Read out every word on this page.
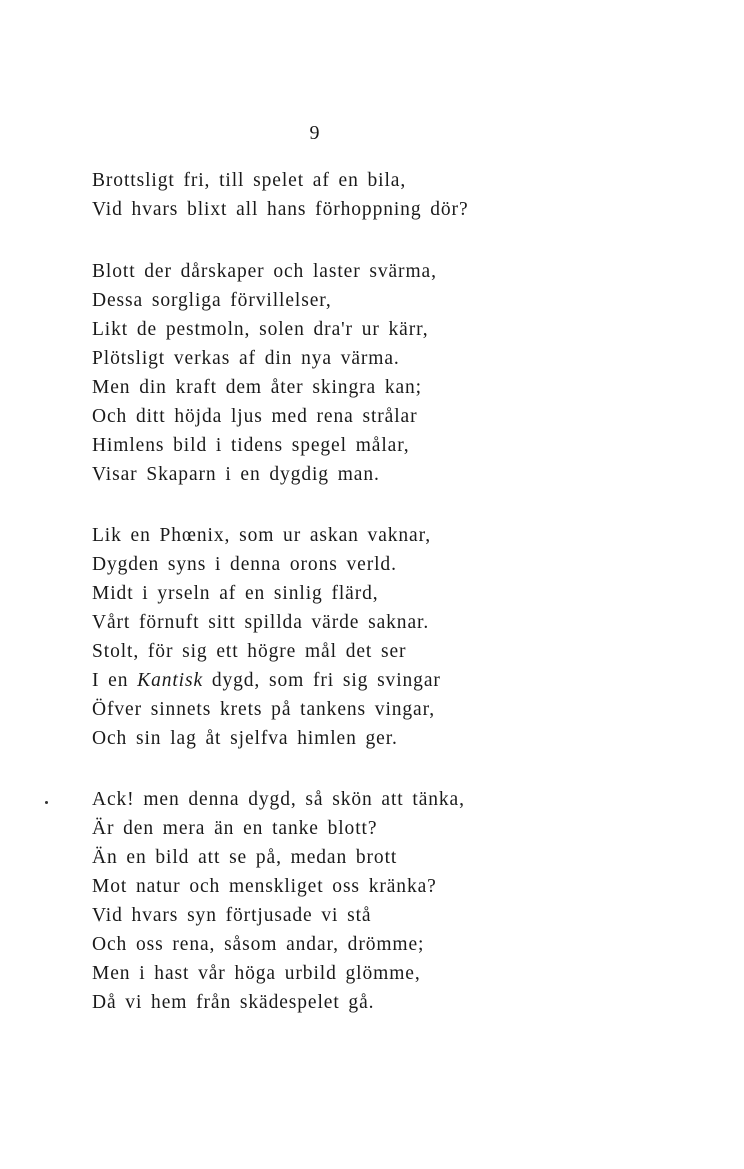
9
Brottsligt fri, till spelet af en bila,
Vid hvars blixt all hans förhoppning dör?
Blott der dårskaper och laster svärma,
Dessa sorgliga förvillelser,
Likt de pestmoln, solen dra'r ur kärr,
Plötsligt verkas af din nya värma.
Men din kraft dem åter skingra kan;
Och ditt höjda ljus med rena strålar
Himlens bild i tidens spegel målar,
Visar Skaparn i en dygdig man.
Lik en Phœnix, som ur askan vaknar,
Dygden syns i denna orons verld.
Midt i yrseln af en sinlig flärd,
Vårt förnuft sitt spillda värde saknar.
Stolt, för sig ett högre mål det ser
I en Kantisk dygd, som fri sig svingar
Öfver sinnets krets på tankens vingar,
Och sin lag åt sjelfva himlen ger.
Ack! men denna dygd, så skön att tänka,
Är den mera än en tanke blott?
Än en bild att se på, medan brott
Mot natur och menskliget oss kränka?
Vid hvars syn förtjusade vi stå
Och oss rena, såsom andar, drömme;
Men i hast vår höga urbild glömme,
Då vi hem från skädespelet gå.
